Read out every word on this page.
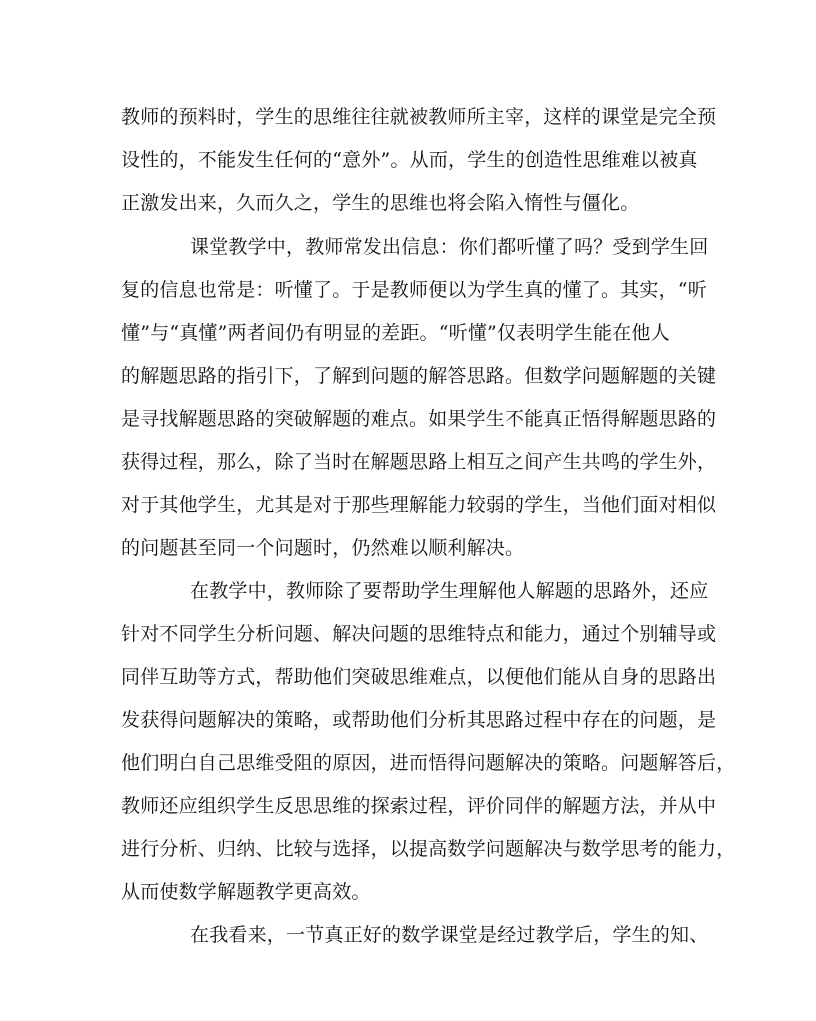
教师的预料时，学生的思维往往就被教师所主宰，这样的课堂是完全预
设性的，不能发生任何的“意外”。从而，学生的创造性思维难以被真
正激发出来，久而久之，学生的思维也将会陷入惰性与僵化。
课堂教学中，教师常发出信息：你们都听懂了吗？受到学生回
复的信息也常是：听懂了。于是教师便以为学生真的懂了。其实，“听
懂”与“真懂”两者间仍有明显的差距。“听懂”仅表明学生能在他人
的解题思路的指引下，了解到问题的解答思路。但数学问题解题的关键
是寻找解题思路的突破解题的难点。如果学生不能真正悟得解题思路的
获得过程，那么，除了当时在解题思路上相互之间产生共鸣的学生外，
对于其他学生，尤其是对于那些理解能力较弱的学生，当他们面对相似
的问题甚至同一个问题时，仍然难以顺利解决。
在教学中，教师除了要帮助学生理解他人解题的思路外，还应
针对不同学生分析问题、解决问题的思维特点和能力，通过个别辅导或
同伴互助等方式，帮助他们突破思维难点，以便他们能从自身的思路出
发获得问题解决的策略，或帮助他们分析其思路过程中存在的问题，是
他们明白自己思维受阻的原因，进而悟得问题解决的策略。问题解答后，
教师还应组织学生反思思维的探索过程，评价同伴的解题方法，并从中
进行分析、归纳、比较与选择，以提高数学问题解决与数学思考的能力，
从而使数学解题教学更高效。
在我看来，一节真正好的数学课堂是经过教学后，学生的知、
